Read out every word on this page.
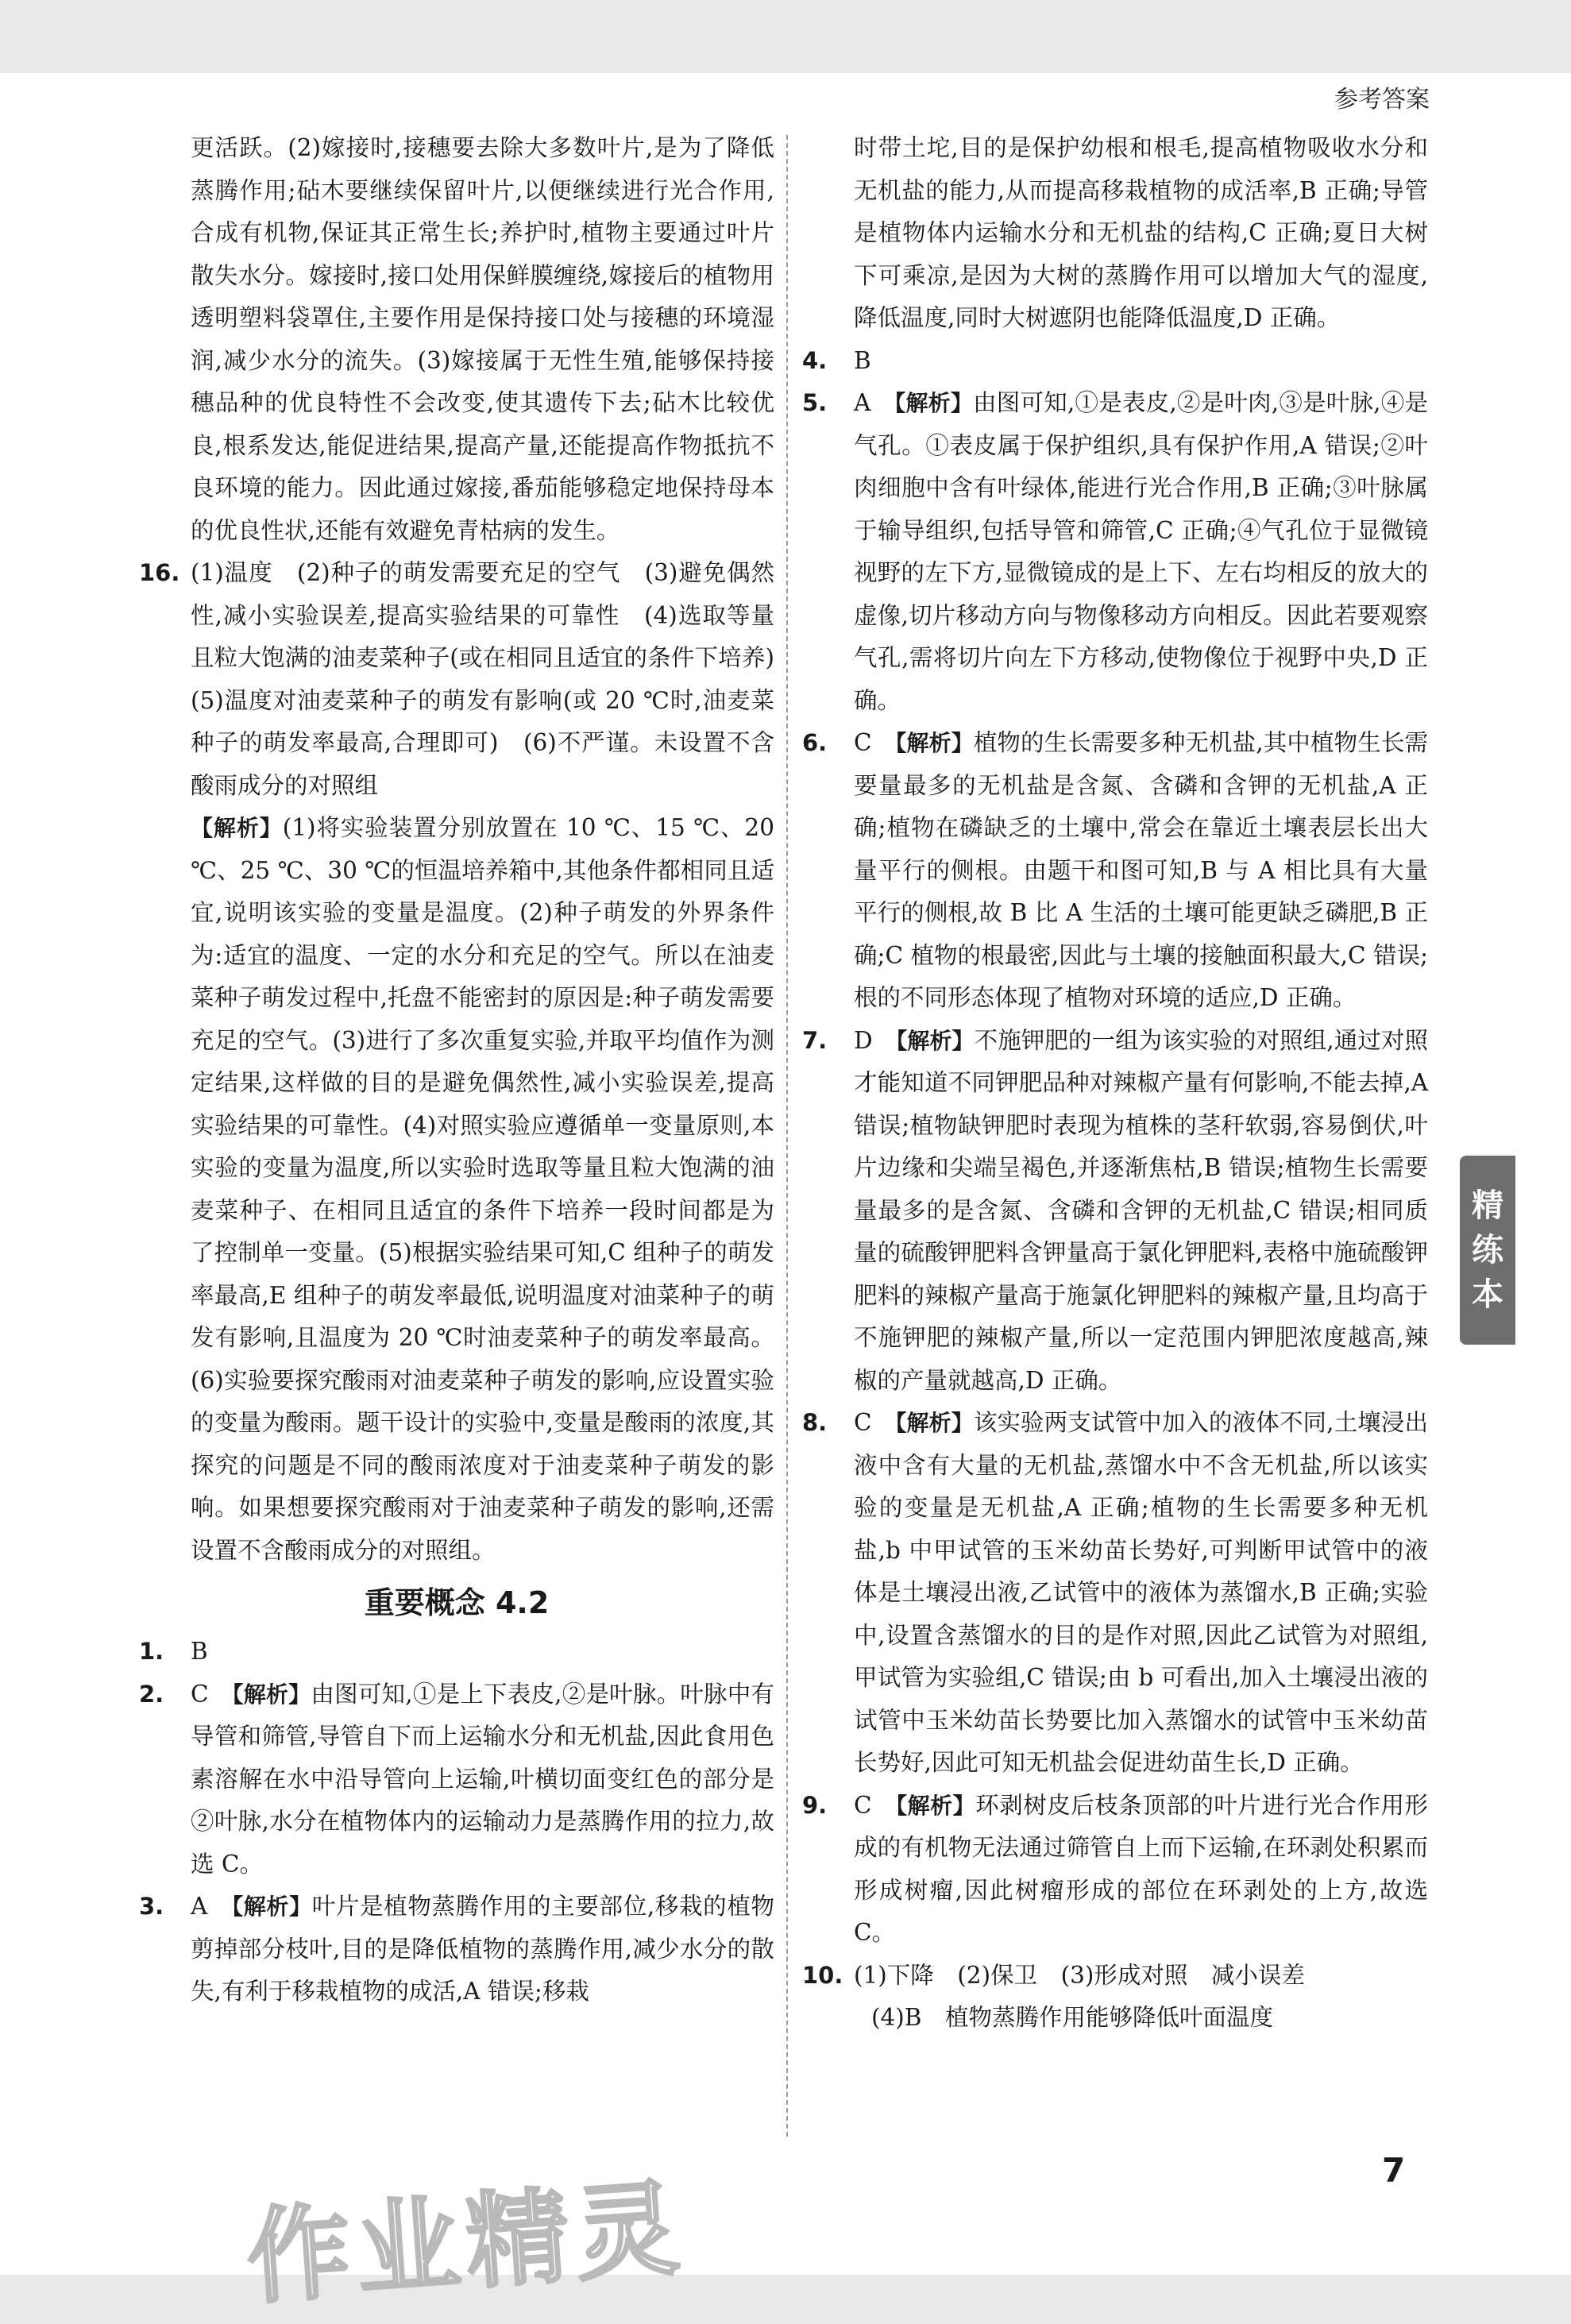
参考答案

更活跃。(2)嫁接时,接穗要去除大多数叶片,是为了降低蒸腾作用;砧木要继续保留叶片,以便继续进行光合作用,合成有机物,保证其正常生长;养护时,植物主要通过叶片散失水分。嫁接时,接口处用保鲜膜缠绕,嫁接后的植物用透明塑料袋罩住,主要作用是保持接口处与接穗的环境湿润,减少水分的流失。(3)嫁接属于无性生殖,能够保持接穗品种的优良特性不会改变,使其遗传下去;砧木比较优良,根系发达,能促进结果,提高产量,还能提高作物抵抗不良环境的能力。因此通过嫁接,番茄能够稳定地保持母本的优良性状,还能有效避免青枯病的发生。

16. (1)温度　(2)种子的萌发需要充足的空气　(3)避免偶然性,减小实验误差,提高实验结果的可靠性　(4)选取等量且粒大饱满的油麦菜种子(或在相同且适宜的条件下培养)　(5)温度对油麦菜种子的萌发有影响(或 20 ℃时,油麦菜种子的萌发率最高,合理即可)　(6)不严谨。未设置不含酸雨成分的对照组

【解析】(1)将实验装置分别放置在 10 ℃、15 ℃、20 ℃、25 ℃、30 ℃的恒温培养箱中,其他条件都相同且适宜,说明该实验的变量是温度。(2)种子萌发的外界条件为:适宜的温度、一定的水分和充足的空气。所以在油麦菜种子萌发过程中,托盘不能密封的原因是:种子萌发需要充足的空气。(3)进行了多次重复实验,并取平均值作为测定结果,这样做的目的是避免偶然性,减小实验误差,提高实验结果的可靠性。(4)对照实验应遵循单一变量原则,本实验的变量为温度,所以实验时选取等量且粒大饱满的油麦菜种子、在相同且适宜的条件下培养一段时间都是为了控制单一变量。(5)根据实验结果可知,C 组种子的萌发率最高,E 组种子的萌发率最低,说明温度对油菜种子的萌发有影响,且温度为 20 ℃时油麦菜种子的萌发率最高。(6)实验要探究酸雨对油麦菜种子萌发的影响,应设置实验的变量为酸雨。题干设计的实验中,变量是酸雨的浓度,其探究的问题是不同的酸雨浓度对于油麦菜种子萌发的影响。如果想要探究酸雨对于油麦菜种子萌发的影响,还需设置不含酸雨成分的对照组。

重要概念 4.2
1. B
2. C　 【解析】由图可知,①是上下表皮,②是叶脉。叶脉中有导管和筛管,导管自下而上运输水分和无机盐,因此食用色素溶解在水中沿导管向上运输,叶横切面变红色的部分是②叶脉,水分在植物体内的运输动力是蒸腾作用的拉力,故选 C。
3. A　 【解析】叶片是植物蒸腾作用的主要部位,移栽的植物剪掉部分枝叶,目的是降低植物的蒸腾作用,减少水分的散失,有利于移栽植物的成活,A 错误;移栽

时带土坨,目的是保护幼根和根毛,提高植物吸收水分和无机盐的能力,从而提高移栽植物的成活率,B 正确;导管是植物体内运输水分和无机盐的结构,C 正确;夏日大树下可乘凉,是因为大树的蒸腾作用可以增加大气的湿度,降低温度,同时大树遮阴也能降低温度,D 正确。

4. B
5. A　 【解析】由图可知,①是表皮,②是叶肉,③是叶脉,④是气孔。①表皮属于保护组织,具有保护作用,A 错误;②叶肉细胞中含有叶绿体,能进行光合作用,B 正确;③叶脉属于输导组织,包括导管和筛管,C 正确;④气孔位于显微镜视野的左下方,显微镜成的是上下、左右均相反的放大的虚像,切片移动方向与物像移动方向相反。因此若要观察气孔,需将切片向左下方移动,使物像位于视野中央,D 正确。
6. C　 【解析】植物的生长需要多种无机盐,其中植物生长需要量最多的无机盐是含氮、含磷和含钾的无机盐,A 正确;植物在磷缺乏的土壤中,常会在靠近土壤表层长出大量平行的侧根。由题干和图可知,B 与 A 相比具有大量平行的侧根,故 B 比 A 生活的土壤可能更缺乏磷肥,B 正确;C 植物的根最密,因此与土壤的接触面积最大,C 错误;根的不同形态体现了植物对环境的适应,D 正确。
7. D　 【解析】不施钾肥的一组为该实验的对照组,通过对照才能知道不同钾肥品种对辣椒产量有何影响,不能去掉,A 错误;植物缺钾肥时表现为植株的茎秆软弱,容易倒伏,叶片边缘和尖端呈褐色,并逐渐焦枯,B 错误;植物生长需要量最多的是含氮、含磷和含钾的无机盐,C 错误;相同质量的硫酸钾肥料含钾量高于氯化钾肥料,表格中施硫酸钾肥料的辣椒产量高于施氯化钾肥料的辣椒产量,且均高于不施钾肥的辣椒产量,所以一定范围内钾肥浓度越高,辣椒的产量就越高,D 正确。
8. C　 【解析】该实验两支试管中加入的液体不同,土壤浸出液中含有大量的无机盐,蒸馏水中不含无机盐,所以该实验的变量是无机盐,A 正确;植物的生长需要多种无机盐,b 中甲试管的玉米幼苗长势好,可判断甲试管中的液体是土壤浸出液,乙试管中的液体为蒸馏水,B 正确;实验中,设置含蒸馏水的目的是作对照,因此乙试管为对照组,甲试管为实验组,C 错误;由 b 可看出,加入土壤浸出液的试管中玉米幼苗长势要比加入蒸馏水的试管中玉米幼苗长势好,因此可知无机盐会促进幼苗生长,D 正确。
9. C　 【解析】环剥树皮后枝条顶部的叶片进行光合作用形成的有机物无法通过筛管自上而下运输,在环剥处积累而形成树瘤,因此树瘤形成的部位在环剥处的上方,故选 C。
10. (1)下降　(2)保卫　(3)形成对照　减小误差
(4)B　植物蒸腾作用能够降低叶面温度
精
练
本
作业精灵	7
